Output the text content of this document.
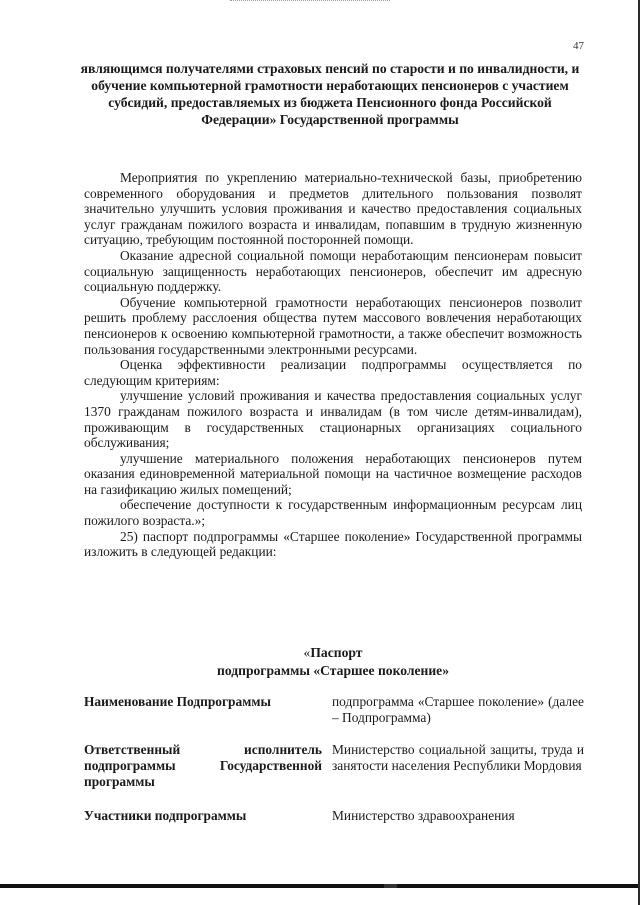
47
являющимся получателями страховых пенсий по старости и по инвалидности, и обучение компьютерной грамотности неработающих пенсионеров с участием субсидий, предоставляемых из бюджета Пенсионного фонда Российской Федерации» Государственной программы

Мероприятия по укреплению материально-технической базы, приобретению современного оборудования и предметов длительного пользования позволят значительно улучшить условия проживания и качество предоставления социальных услуг гражданам пожилого возраста и инвалидам, попавшим в трудную жизненную ситуацию, требующим постоянной посторонней помощи.

Оказание адресной социальной помощи неработающим пенсионерам повысит социальную защищенность неработающих пенсионеров, обеспечит им адресную социальную поддержку.

Обучение компьютерной грамотности неработающих пенсионеров позволит решить проблему расслоения общества путем массового вовлечения неработающих пенсионеров к освоению компьютерной грамотности, а также обеспечит возможность пользования государственными электронными ресурсами.

Оценка эффективности реализации подпрограммы осуществляется по следующим критериям:

улучшение условий проживания и качества предоставления социальных услуг 1370 гражданам пожилого возраста и инвалидам (в том числе детям-инвалидам), проживающим в государственных стационарных организациях социального обслуживания;

улучшение материального положения неработающих пенсионеров путем оказания единовременной материальной помощи на частичное возмещение расходов на газификацию жилых помещений;

обеспечение доступности к государственным информационным ресурсам лиц пожилого возраста.»;

25) паспорт подпрограммы «Старшее поколение» Государственной программы изложить в следующей редакции:

«Паспорт
подпрограммы «Старшее поколение»
Наименование Подпрограммы	подпрограмма «Старшее поколение» (далее – Подпрограмма)
Ответственный исполнитель подпрограммы Государственной программы
Министерство социальной защиты, труда и занятости населения Республики Мордовия
Участники подпрограммы	Министерство здравоохранения
